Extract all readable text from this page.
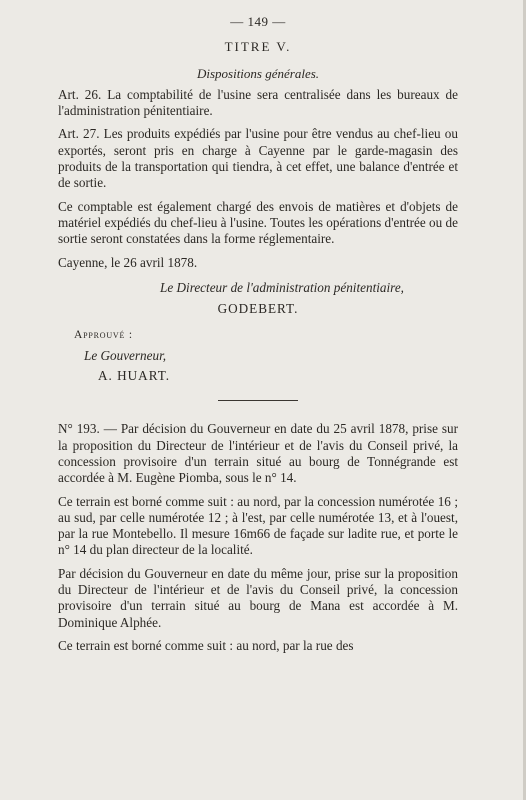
— 149 —
TITRE V.
Dispositions générales.

Art. 26. La comptabilité de l'usine sera centralisée dans les bureaux de l'administration pénitentiaire.

Art. 27. Les produits expédiés par l'usine pour être vendus au chef-lieu ou exportés, seront pris en charge à Cayenne par le garde-magasin des produits de la transportation qui tiendra, à cet effet, une balance d'entrée et de sortie.

Ce comptable est également chargé des envois de matières et d'objets de matériel expédiés du chef-lieu à l'usine. Toutes les opérations d'entrée ou de sortie seront constatées dans la forme réglementaire.

Cayenne, le 26 avril 1878.
Le Directeur de l'administration pénitentiaire,
GODEBERT.
Approuvé :
Le Gouverneur,
A. HUART.

N° 193. — Par décision du Gouverneur en date du 25 avril 1878, prise sur la proposition du Directeur de l'intérieur et de l'avis du Conseil privé, la concession provisoire d'un terrain situé au bourg de Tonnégrande est accordée à M. Eugène Piomba, sous le n° 14.

Ce terrain est borné comme suit : au nord, par la concession numérotée 16 ; au sud, par celle numérotée 12 ; à l'est, par celle numérotée 13, et à l'ouest, par la rue Montebello. Il mesure 16m66 de façade sur ladite rue, et porte le n° 14 du plan directeur de la localité.

Par décision du Gouverneur en date du même jour, prise sur la proposition du Directeur de l'intérieur et de l'avis du Conseil privé, la concession provisoire d'un terrain situé au bourg de Mana est accordée à M. Dominique Alphée.

Ce terrain est borné comme suit : au nord, par la rue des
